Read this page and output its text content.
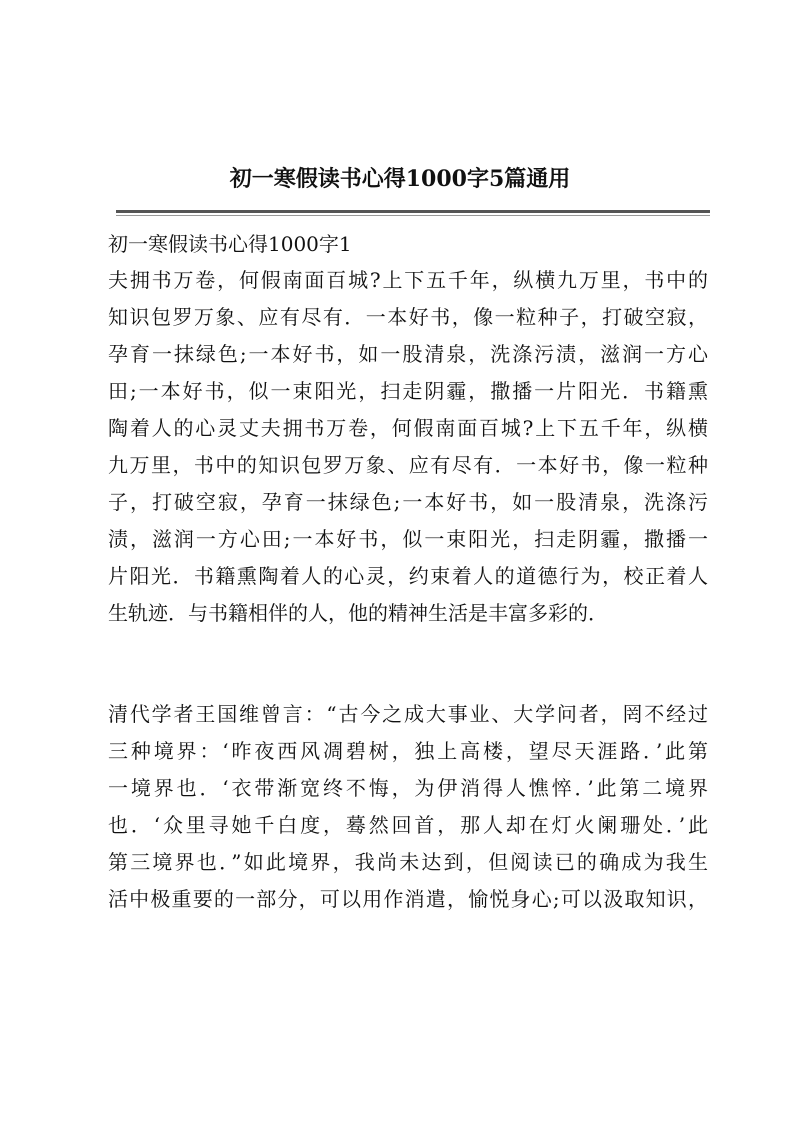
初一寒假读书心得1000字5篇通用
初一寒假读书心得1000字1
夫拥书万卷，何假南面百城?上下五千年，纵横九万里，书中的
知识包罗万象、应有尽有．一本好书，像一粒种子，打破空寂，
孕育一抹绿色;一本好书，如一股清泉，洗涤污渍，滋润一方心
田;一本好书，似一束阳光，扫走阴霾，撒播一片阳光．书籍熏
陶着人的心灵丈夫拥书万卷，何假南面百城?上下五千年，纵横
九万里，书中的知识包罗万象、应有尽有．一本好书，像一粒种
子，打破空寂，孕育一抹绿色;一本好书，如一股清泉，洗涤污
渍，滋润一方心田;一本好书，似一束阳光，扫走阴霾，撒播一
片阳光．书籍熏陶着人的心灵，约束着人的道德行为，校正着人
生轨迹．与书籍相伴的人，他的精神生活是丰富多彩的．
清代学者王国维曾言：“古今之成大事业、大学问者，罔不经过
三种境界：‘昨夜西风凋碧树，独上高楼，望尽天涯路．’此第
一境界也．‘衣带渐宽终不悔，为伊消得人憔悴．’此第二境界
也．‘众里寻她千白度，蓦然回首，那人却在灯火阑珊处．’此
第三境界也．”如此境界，我尚未达到，但阅读已的确成为我生
活中极重要的一部分，可以用作消遣，愉悦身心;可以汲取知识，
